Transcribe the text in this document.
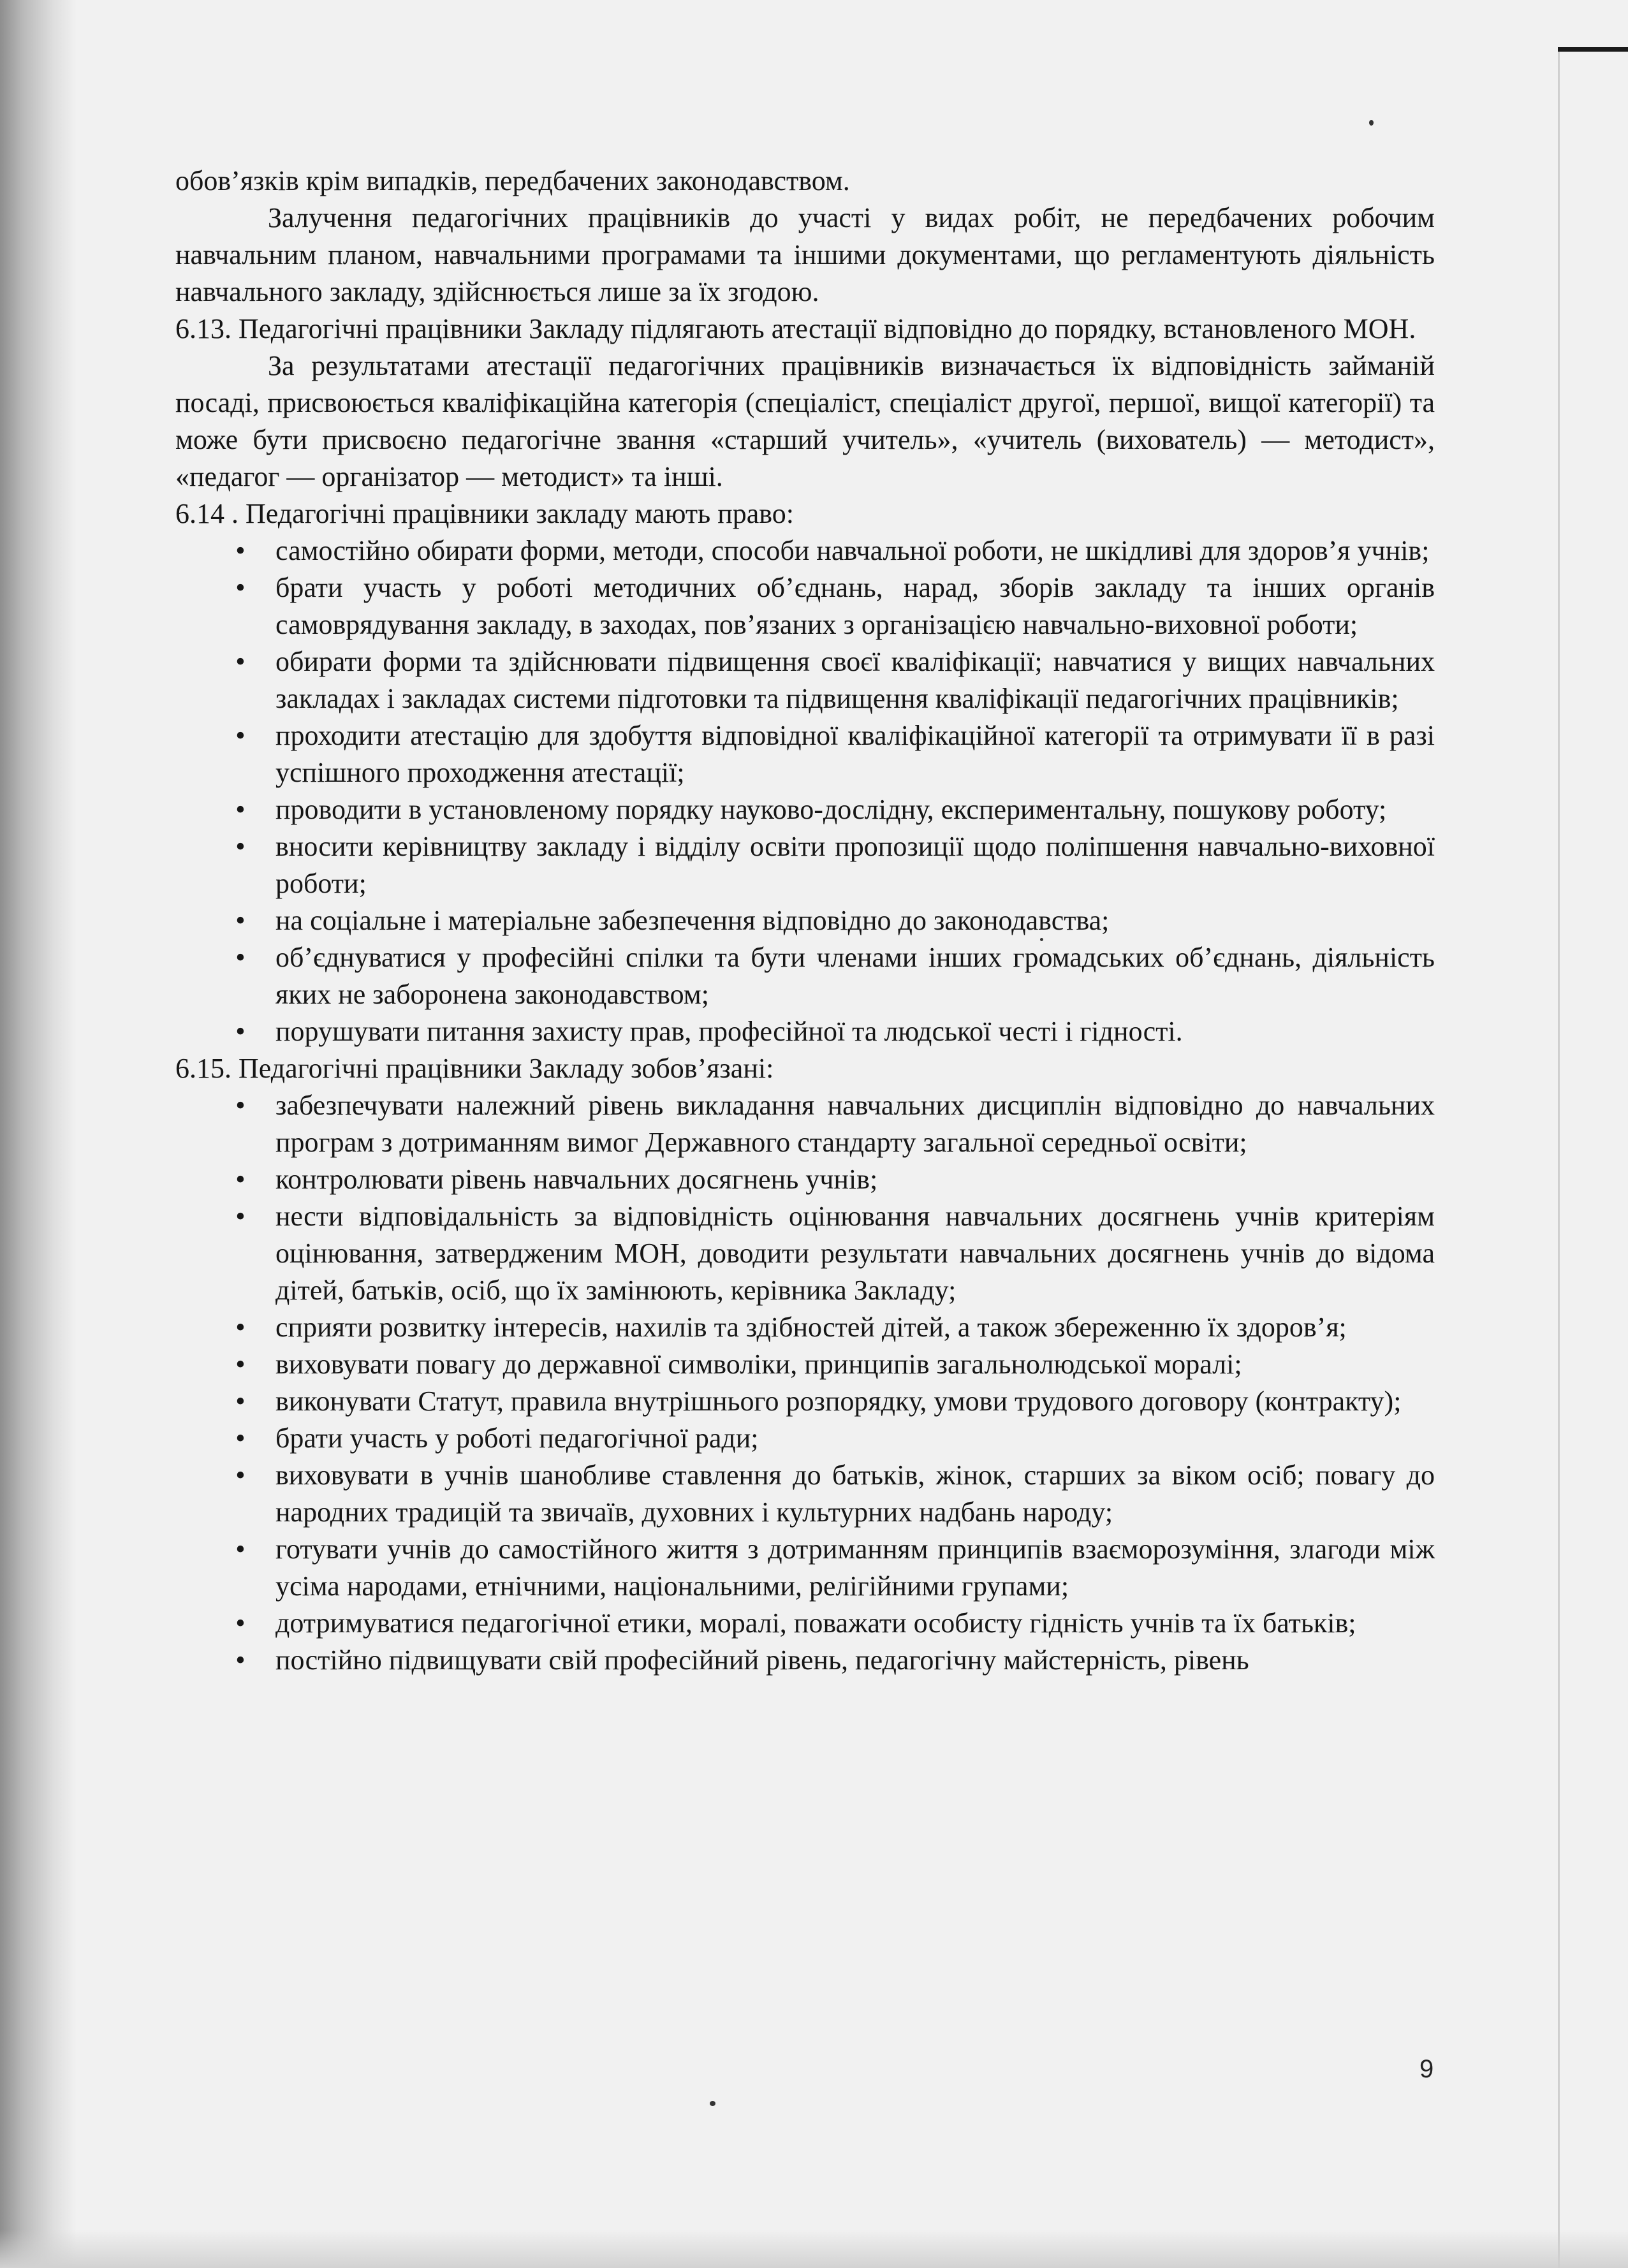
обов’язків крім випадків, передбачених законодавством.

Залучення педагогічних працівників до участі у видах робіт, не передбачених робочим навчальним планом, навчальними програмами та іншими документами, що регламентують діяльність навчального закладу, здійснюється лише за їх згодою.

6.13. Педагогічні працівники Закладу підлягають атестації відповідно до порядку, встановленого МОН.

За результатами атестації педагогічних працівників визначається їх відповідність займаній посаді, присвоюється кваліфікаційна категорія (спеціаліст, спеціаліст другої, першої, вищої категорії) та може бути присвоєно педагогічне звання «старший учитель», «учитель (вихователь) — методист», «педагог — організатор — методист» та інші.

6.14 . Педагогічні працівники закладу мають право:

• самостійно обирати форми, методи, способи навчальної роботи, не шкідливі для здоров’я учнів;
• брати участь у роботі методичних об’єднань, нарад, зборів закладу та інших органів самоврядування закладу, в заходах, пов’язаних з організацією навчально-виховної роботи;
• обирати форми та здійснювати підвищення своєї кваліфікації; навчатися у вищих навчальних закладах і закладах системи підготовки та підвищення кваліфікації педагогічних працівників;
• проходити атестацію для здобуття відповідної кваліфікаційної категорії та отримувати її в разі успішного проходження атестації;
• проводити в установленому порядку науково-дослідну, експериментальну, пошукову роботу;
• вносити керівництву закладу і відділу освіти пропозиції щодо поліпшення навчально-виховної роботи;
• на соціальне і матеріальне забезпечення відповідно до законодавства;
• об’єднуватися у професійні спілки та бути членами інших громадських об’єднань, діяльність яких не заборонена законодавством;
• порушувати питання захисту прав, професійної та людської честі і гідності.

6.15. Педагогічні працівники Закладу зобов’язані:

• забезпечувати належний рівень викладання навчальних дисциплін відповідно до навчальних програм з дотриманням вимог Державного стандарту загальної середньої освіти;
• контролювати рівень навчальних досягнень учнів;
• нести відповідальність за відповідність оцінювання навчальних досягнень учнів критеріям оцінювання, затвердженим МОН, доводити результати навчальних досягнень учнів до відома дітей, батьків, осіб, що їх замінюють, керівника Закладу;
• сприяти розвитку інтересів, нахилів та здібностей дітей, а також збереженню їх здоров’я;
• виховувати повагу до державної символіки, принципів загальнолюдської моралі;
• виконувати Статут, правила внутрішнього розпорядку, умови трудового договору (контракту);
• брати участь у роботі педагогічної ради;
• виховувати в учнів шанобливе ставлення до батьків, жінок, старших за віком осіб; повагу до народних традицій та звичаїв, духовних і культурних надбань народу;
• готувати учнів до самостійного життя з дотриманням принципів взаєморозуміння, злагоди між усіма народами, етнічними, національними, релігійними групами;
• дотримуватися педагогічної етики, моралі, поважати особисту гідність учнів та їх батьків;
• постійно підвищувати свій професійний рівень, педагогічну майстерність, рівень
9
